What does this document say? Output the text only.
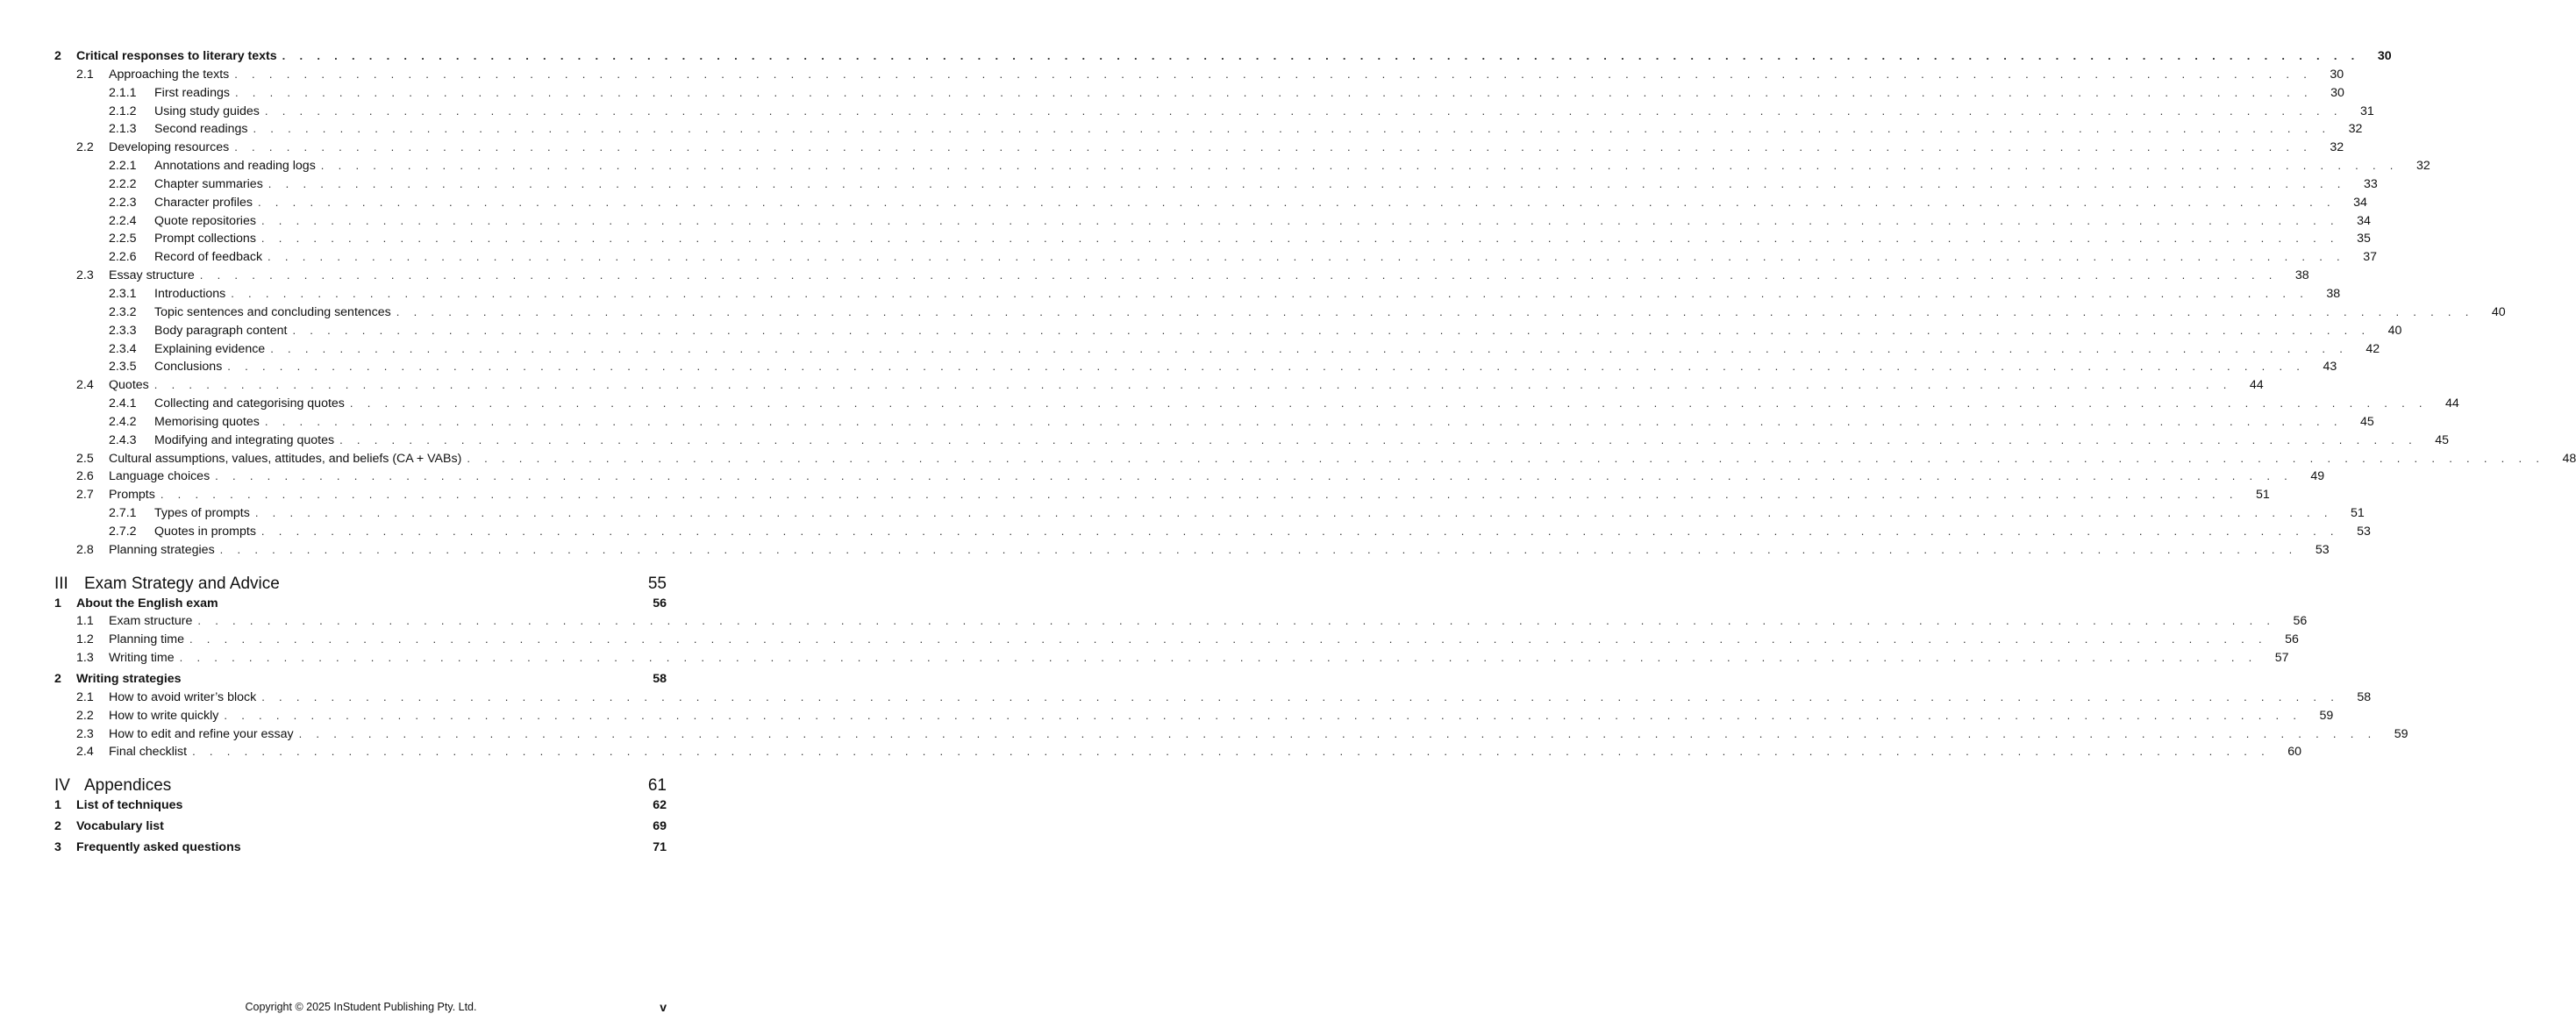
2	Critical responses to literary texts . . . . . . . . . . . . . . . . . . . . . . . . . . . . . . . . . . . . . . . . . . . . . . . . . . . . . . . . . . . . . . . . . . . . . . . . . . . . . . . . . . . . . . . . . . . . . . . . . . . . . . . . . . . . . . . . . . . . . . . .	30
2.1	Approaching the texts . . . . . . . . . . . . . . . . . . . . . . . . . . . . . . . . . . . . . . . . . . . . . . . . . . . . . . . . . . . . . . . . . . . . . . . . . . . . . . . . . . . . . . . . . . . . . . . . . . . . . . . . . . . . . . . . . . . . . . . .	30
2.1.1	First readings . . . . . . . . . . . . . . . . . . . . . . . . . . . . . . . . . . . . . . . . . . . . . . . . . . . . . . . . . . . . . . . . . . . . . . . . . . . . . . . . . . . . . . . . . . . . . . . . . . . . . . . . . . . . . . . . . . . . . . . .	30
2.1.2	Using study guides . . . . . . . . . . . . . . . . . . . . . . . . . . . . . . . . . . . . . . . . . . . . . . . . . . . . . . . . . . . . . . . . . . . . . . . . . . . . . . . . . . . . . . . . . . . . . . . . . . . . . . . . . . . . . . . . . . . . . . . .	31
2.1.3	Second readings . . . . . . . . . . . . . . . . . . . . . . . . . . . . . . . . . . . . . . . . . . . . . . . . . . . . . . . . . . . . . . . . . . . . . . . . . . . . . . . . . . . . . . . . . . . . . . . . . . . . . . . . . . . . . . . . . . . . . . . .	32
2.2	Developing resources . . . . . . . . . . . . . . . . . . . . . . . . . . . . . . . . . . . . . . . . . . . . . . . . . . . . . . . . . . . . . . . . . . . . . . . . . . . . . . . . . . . . . . . . . . . . . . . . . . . . . . . . . . . . . . . . . . . . . . . .	32
2.2.1	Annotations and reading logs . . . . . . . . . . . . . . . . . . . . . . . . . . . . . . . . . . . . . . . . . . . . . . . . . . . . . . . . . . . . . . . . . . . . . . . . . . . . . . . . . . . . . . . . . . . . . . . . . . . . . . . . . . . . . . . . . . . . . . . .	32
2.2.2	Chapter summaries . . . . . . . . . . . . . . . . . . . . . . . . . . . . . . . . . . . . . . . . . . . . . . . . . . . . . . . . . . . . . . . . . . . . . . . . . . . . . . . . . . . . . . . . . . . . . . . . . . . . . . . . . . . . . . . . . . . . . . . .	33
2.2.3	Character profiles . . . . . . . . . . . . . . . . . . . . . . . . . . . . . . . . . . . . . . . . . . . . . . . . . . . . . . . . . . . . . . . . . . . . . . . . . . . . . . . . . . . . . . . . . . . . . . . . . . . . . . . . . . . . . . . . . . . . . . . .	34
2.2.4	Quote repositories . . . . . . . . . . . . . . . . . . . . . . . . . . . . . . . . . . . . . . . . . . . . . . . . . . . . . . . . . . . . . . . . . . . . . . . . . . . . . . . . . . . . . . . . . . . . . . . . . . . . . . . . . . . . . . . . . . . . . . . .	34
2.2.5	Prompt collections . . . . . . . . . . . . . . . . . . . . . . . . . . . . . . . . . . . . . . . . . . . . . . . . . . . . . . . . . . . . . . . . . . . . . . . . . . . . . . . . . . . . . . . . . . . . . . . . . . . . . . . . . . . . . . . . . . . . . . . .	35
2.2.6	Record of feedback . . . . . . . . . . . . . . . . . . . . . . . . . . . . . . . . . . . . . . . . . . . . . . . . . . . . . . . . . . . . . . . . . . . . . . . . . . . . . . . . . . . . . . . . . . . . . . . . . . . . . . . . . . . . . . . . . . . . . . . .	37
2.3	Essay structure . . . . . . . . . . . . . . . . . . . . . . . . . . . . . . . . . . . . . . . . . . . . . . . . . . . . . . . . . . . . . . . . . . . . . . . . . . . . . . . . . . . . . . . . . . . . . . . . . . . . . . . . . . . . . . . . . . . . . . . .	38
2.3.1	Introductions . . . . . . . . . . . . . . . . . . . . . . . . . . . . . . . . . . . . . . . . . . . . . . . . . . . . . . . . . . . . . . . . . . . . . . . . . . . . . . . . . . . . . . . . . . . . . . . . . . . . . . . . . . . . . . . . . . . . . . . .	38
2.3.2	Topic sentences and concluding sentences . . . . . . . . . . . . . . . . . . . . . . . . . . . . . . . . . . . . . . . . . . . . . . . . . . . . . . . . . . . . . . . . . . . . . . . . . . . . . . . . . . . . . . . . . . . . . . . . . . . . . . . . . . . . . . . . . . . . . . . .	40
2.3.3	Body paragraph content . . . . . . . . . . . . . . . . . . . . . . . . . . . . . . . . . . . . . . . . . . . . . . . . . . . . . . . . . . . . . . . . . . . . . . . . . . . . . . . . . . . . . . . . . . . . . . . . . . . . . . . . . . . . . . . . . . . . . . . .	40
2.3.4	Explaining evidence . . . . . . . . . . . . . . . . . . . . . . . . . . . . . . . . . . . . . . . . . . . . . . . . . . . . . . . . . . . . . . . . . . . . . . . . . . . . . . . . . . . . . . . . . . . . . . . . . . . . . . . . . . . . . . . . . . . . . . . .	42
2.3.5	Conclusions . . . . . . . . . . . . . . . . . . . . . . . . . . . . . . . . . . . . . . . . . . . . . . . . . . . . . . . . . . . . . . . . . . . . . . . . . . . . . . . . . . . . . . . . . . . . . . . . . . . . . . . . . . . . . . . . . . . . . . . .	43
2.4	Quotes . . . . . . . . . . . . . . . . . . . . . . . . . . . . . . . . . . . . . . . . . . . . . . . . . . . . . . . . . . . . . . . . . . . . . . . . . . . . . . . . . . . . . . . . . . . . . . . . . . . . . . . . . . . . . . . . . . . . . . . .	44
2.4.1	Collecting and categorising quotes . . . . . . . . . . . . . . . . . . . . . . . . . . . . . . . . . . . . . . . . . . . . . . . . . . . . . . . . . . . . . . . . . . . . . . . . . . . . . . . . . . . . . . . . . . . . . . . . . . . . . . . . . . . . . . . . . . . . . . . .	44
2.4.2	Memorising quotes . . . . . . . . . . . . . . . . . . . . . . . . . . . . . . . . . . . . . . . . . . . . . . . . . . . . . . . . . . . . . . . . . . . . . . . . . . . . . . . . . . . . . . . . . . . . . . . . . . . . . . . . . . . . . . . . . . . . . . . .	45
2.4.3	Modifying and integrating quotes . . . . . . . . . . . . . . . . . . . . . . . . . . . . . . . . . . . . . . . . . . . . . . . . . . . . . . . . . . . . . . . . . . . . . . . . . . . . . . . . . . . . . . . . . . . . . . . . . . . . . . . . . . . . . . . . . . . . . . . .	45
2.5	Cultural assumptions, values, attitudes, and beliefs (CA + VABs) . . . . . . . . . . . . . . . . . . . . . . . . . . . . . . . . . . . . . . . . . . . . . . . . . . . . . . . . . . . . . . . . . . . . . . . . . . . . . . . . . . . . . . . . . . . . . . . . . . . . . . . . . . . . . . . . . . . . . . . .	48
2.6	Language choices . . . . . . . . . . . . . . . . . . . . . . . . . . . . . . . . . . . . . . . . . . . . . . . . . . . . . . . . . . . . . . . . . . . . . . . . . . . . . . . . . . . . . . . . . . . . . . . . . . . . . . . . . . . . . . . . . . . . . . . .	49
2.7	Prompts . . . . . . . . . . . . . . . . . . . . . . . . . . . . . . . . . . . . . . . . . . . . . . . . . . . . . . . . . . . . . . . . . . . . . . . . . . . . . . . . . . . . . . . . . . . . . . . . . . . . . . . . . . . . . . . . . . . . . . . .	51
2.7.1	Types of prompts . . . . . . . . . . . . . . . . . . . . . . . . . . . . . . . . . . . . . . . . . . . . . . . . . . . . . . . . . . . . . . . . . . . . . . . . . . . . . . . . . . . . . . . . . . . . . . . . . . . . . . . . . . . . . . . . . . . . . . . .	51
2.7.2	Quotes in prompts . . . . . . . . . . . . . . . . . . . . . . . . . . . . . . . . . . . . . . . . . . . . . . . . . . . . . . . . . . . . . . . . . . . . . . . . . . . . . . . . . . . . . . . . . . . . . . . . . . . . . . . . . . . . . . . . . . . . . . . .	53
2.8	Planning strategies . . . . . . . . . . . . . . . . . . . . . . . . . . . . . . . . . . . . . . . . . . . . . . . . . . . . . . . . . . . . . . . . . . . . . . . . . . . . . . . . . . . . . . . . . . . . . . . . . . . . . . . . . . . . . . . . . . . . . . . .	53
III Exam Strategy and Advice	55
1	About the English exam	56
1.1	Exam structure . . . . . . . . . . . . . . . . . . . . . . . . . . . . . . . . . . . . . . . . . . . . . . . . . . . . . . . . . . . . . . . . . . . . . . . . . . . . . . . . . . . . . . . . . . . . . . . . . . . . . . . . . . . . . . . . . . . . . . . .	56
1.2	Planning time . . . . . . . . . . . . . . . . . . . . . . . . . . . . . . . . . . . . . . . . . . . . . . . . . . . . . . . . . . . . . . . . . . . . . . . . . . . . . . . . . . . . . . . . . . . . . . . . . . . . . . . . . . . . . . . . . . . . . . . .	56
1.3	Writing time . . . . . . . . . . . . . . . . . . . . . . . . . . . . . . . . . . . . . . . . . . . . . . . . . . . . . . . . . . . . . . . . . . . . . . . . . . . . . . . . . . . . . . . . . . . . . . . . . . . . . . . . . . . . . . . . . . . . . . . .	57
2	Writing strategies	58
2.1	How to avoid writer’s block . . . . . . . . . . . . . . . . . . . . . . . . . . . . . . . . . . . . . . . . . . . . . . . . . . . . . . . . . . . . . . . . . . . . . . . . . . . . . . . . . . . . . . . . . . . . . . . . . . . . . . . . . . . . . . . . . . . . . . . .	58
2.2	How to write quickly . . . . . . . . . . . . . . . . . . . . . . . . . . . . . . . . . . . . . . . . . . . . . . . . . . . . . . . . . . . . . . . . . . . . . . . . . . . . . . . . . . . . . . . . . . . . . . . . . . . . . . . . . . . . . . . . . . . . . . . .	59
2.3	How to edit and refine your essay . . . . . . . . . . . . . . . . . . . . . . . . . . . . . . . . . . . . . . . . . . . . . . . . . . . . . . . . . . . . . . . . . . . . . . . . . . . . . . . . . . . . . . . . . . . . . . . . . . . . . . . . . . . . . . . . . . . . . . . .	59
2.4	Final checklist . . . . . . . . . . . . . . . . . . . . . . . . . . . . . . . . . . . . . . . . . . . . . . . . . . . . . . . . . . . . . . . . . . . . . . . . . . . . . . . . . . . . . . . . . . . . . . . . . . . . . . . . . . . . . . . . . . . . . . . .	60
IV Appendices	61
1	List of techniques	62
2	Vocabulary list	69
3	Frequently asked questions	71
Copyright © 2025 InStudent Publishing Pty. Ltd.	v
